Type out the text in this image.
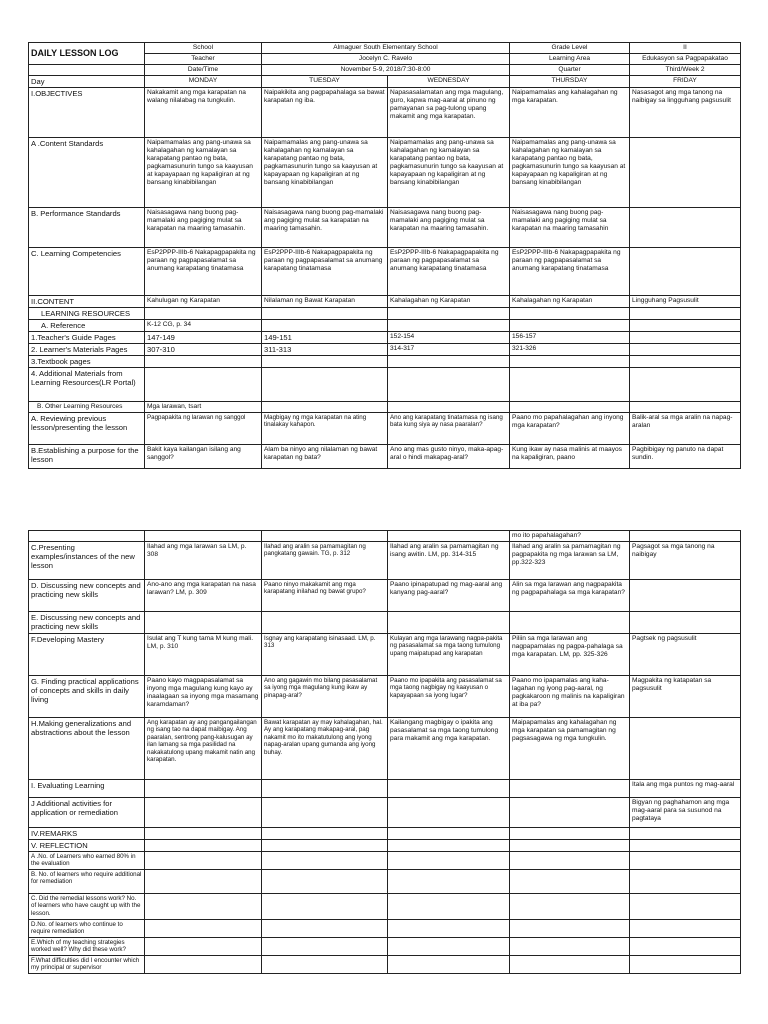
DAILY LESSON LOG	School	Almaguer South Elementary School		Grade Level	II
	Teacher	Jocelyn C. Ravelo		Learning Area	Edukasyon sa Pagpapakatao
	Date/Time	November 5-9, 2018/7:30-8:00		Quarter	Third/Week 2
Day	MONDAY	TUESDAY	WEDNESDAY	THURSDAY	FRIDAY
I.OBJECTIVES	Nakakamit ang mga karapatan na walang nilalabag na tungkulin.	Naipakikita ang pagpapahalaga sa bawat karapatan ng iba.	Napasasalamatan ang mga magulang, guro, kapwa mag-aaral at pinuno ng pamayanan sa pag-tulong upang makamit ang mga karapatan.	Naipamamalas ang kahalagahan ng mga karapatan.	Nasasagot ang mga tanong na naibigay sa lingguhang pagsusulit
A .Content Standards	Naipamamalas ang pang-unawa sa kahalagahan ng kamalayan sa karapatang pantao ng bata, pagkamasunurin tungo sa kaayusan at kapayapaan ng kapaligiran at ng bansang kinabibilangan	Naipamamalas ang pang-unawa sa kahalagahan ng kamalayan sa karapatang pantao ng bata, pagkamasunurin tungo sa kaayusan at kapayapaan ng kapaligiran at ng bansang kinabibilangan	Naipamamalas ang pang-unawa sa kahalagahan ng kamalayan sa karapatang pantao ng bata, pagkamasunurin tungo sa kaayusan at kapayapaan ng kapaligiran at ng bansang kinabibilangan	Naipamamalas ang pang-unawa sa kahalagahan ng kamalayan sa karapatang pantao ng bata, pagkamasunurin tungo sa kaayusan at kapayapaan ng kapaligiran at ng bansang kinabibilangan	
B. Performance Standards	Naisasagawa nang buong pag-mamalaki ang pagiging mulat sa karapatan na maaring tamasahin.	Naisasagawa nang buong pag-mamalaki ang pagiging mulat sa karapatan na maaring tamasahin.	Naisasagawa nang buong pag-mamalaki ang pagiging mulat sa karapatan na maaring tamasahin.	Naisasagawa nang buong pag-mamalaki ang pagiging mulat sa karapatan na maaring tamasahin	
C. Learning Competencies	EsP2PPP-IIIb-6 Nakapagpapakita ng paraan ng pagpapasalamat sa anumang karapatang tinatamasa	EsP2PPP-IIIb-6 Nakapagpapakita ng paraan ng pagpapasalamat sa anumang karapatang tinatamasa	EsP2PPP-IIIb-6 Nakapagpapakita ng paraan ng pagpapasalamat sa anumang karapatang tinatamasa	EsP2PPP-IIIb-6 Nakapagpapakita ng paraan ng pagpapasalamat sa anumang karapatang tinatamasa	
II.CONTENT	Kahulugan ng Karapatan	Nilalaman ng Bawat Karapatan	Kahalagahan ng Karapatan	Kahalagahan ng Karapatan	Lingguhang Pagsusulit
LEARNING RESOURCES					
A. Reference	K-12 CG, p. 34				
1.Teacher's Guide Pages	147-149	149-151	152-154	156-157	
2. Learner's Materials Pages	307-310	311-313	314-317	321-326	
3.Textbook pages					
4. Additional Materials from Learning Resources(LR Portal)					
B. Other Learning Resources	Mga larawan, tsart				
A. Reviewing previous lesson/presenting the lesson	Pagpapakita ng larawan ng sanggol	Magbigay ng mga karapatan na ating tinalakay kahapon.	Ano ang karapatang tinatamasa ng isang bata kung siya ay nasa paaralan?	Paano mo papahalagahan ang inyong mga karapatan?	Balik-aral sa mga aralin na napag-aralan
B.Establishing a purpose for the lesson	Bakit kaya kailangan isilang ang sanggol?	Alam ba ninyo ang nilalaman ng bawat karapatan ng bata?	Ano ang mas gusto ninyo, maka-apag-aral o hindi makapag-aral?	Kung ikaw ay nasa malinis at maayos na kapaligiran, paano	Pagbibigay ng panuto na dapat sundin.
				mo ito papahalagahan?	
C.Presenting examples/instances of the new lesson	Ilahad ang mga larawan sa LM, p. 308	Ilahad ang aralin sa pamamagitan ng pangkatang gawain. TG, p. 312	Ilahad ang aralin sa pamamagitan ng isang awitin. LM, pp. 314-315	Ilahad ang aralin sa pamamagitan ng pagpapakita ng mga larawan sa LM, pp.322-323	Pagsagot sa mga tanong na naibigay
D. Discussing new concepts and practicing new skills	Ano-ano ang mga karapatan na nasa larawan? LM, p. 309	Paano ninyo makakamit ang mga karapatang inilahad ng bawat grupo?	Paano ipinapatupad ng mag-aaral ang kanyang pag-aaral?	Alin sa mga larawan ang nagpapakita ng pagpapahalaga sa mga karapatan?	
E. Discussing new concepts and practicing new skills					
F.Developing Mastery	Isulat ang T kung tama M kung mali. LM, p. 310	Isgnay ang karapatang isinasaad. LM, p. 313	Kulayan ang mga larawang nagpa-pakita ng pasasalamat sa mga taong tumulong upang maipatupad ang karapatan	Piliin sa mga larawan ang nagpapamalas ng pagpa-pahalaga sa mga karapatan. LM, pp. 325-326	Pagtsek ng pagsusulit
G. Finding practical applications of concepts and skills in daily living	Paano kayo magpapasalamat sa inyong mga magulang kung kayo ay inaalagaan sa inyong mga masamang karamdaman?	Ano ang gagawin mo bilang pasasalamat sa iyong mga magulang kung ikaw ay pinapag-aral?	Paano mo ipapakita ang pasasalamat sa mga taong nagbigay ng kaayusan o kapayapaan sa iyong lugar?	Paano mo ipapamalas ang kaha-lagahan ng iyong pag-aaral, ng pagkakaroon ng malinis na kapaligiran at iba pa?	Magpakita ng katapatan sa pagsusulit
H.Making generalizations and abstractions about the lesson	Ang karapatan ay ang pangangailangan ng isang tao na dapat maibigay. Ang paaralan, sentrong pang-kalusugan ay ilan lamang sa mga pasilidad na nakakatulong upang makamit natin ang karapatan.	Bawat karapatan ay may kahalagahan, hal. Ay ang karapatang makapag-aral, pag nakamit mo ito makatutulong ang iyong napag-aralan upang gumanda ang iyong buhay.	Kailangang magbigay o ipakita ang pasasalamat sa mga taong tumulong para makamit ang mga karapatan.	Maipapamalas ang kahalagahan ng mga karapatan sa pamamagitan ng pagsasagawa ng mga tungkulin.	
I. Evaluating Learning					Itala ang mga puntos ng mag-aaral
J Additional activities for application or remediation					Bigyan ng paghahamon ang mga mag-aaral para sa susunod na pagtataya
IV.REMARKS					
V. REFLECTION					
A .No. of Learners who earned 80% in the evaluation					
B. No. of learners who require additional for remediation					
C. Did the remedial lessons work? No. of learners who have caught up with the lesson.					
D.No. of learners who continue to require remediation					
E.Which of my teaching strategies worked well? Why did these work?					
F.What difficulties did I encounter which my principal or supervisor					
